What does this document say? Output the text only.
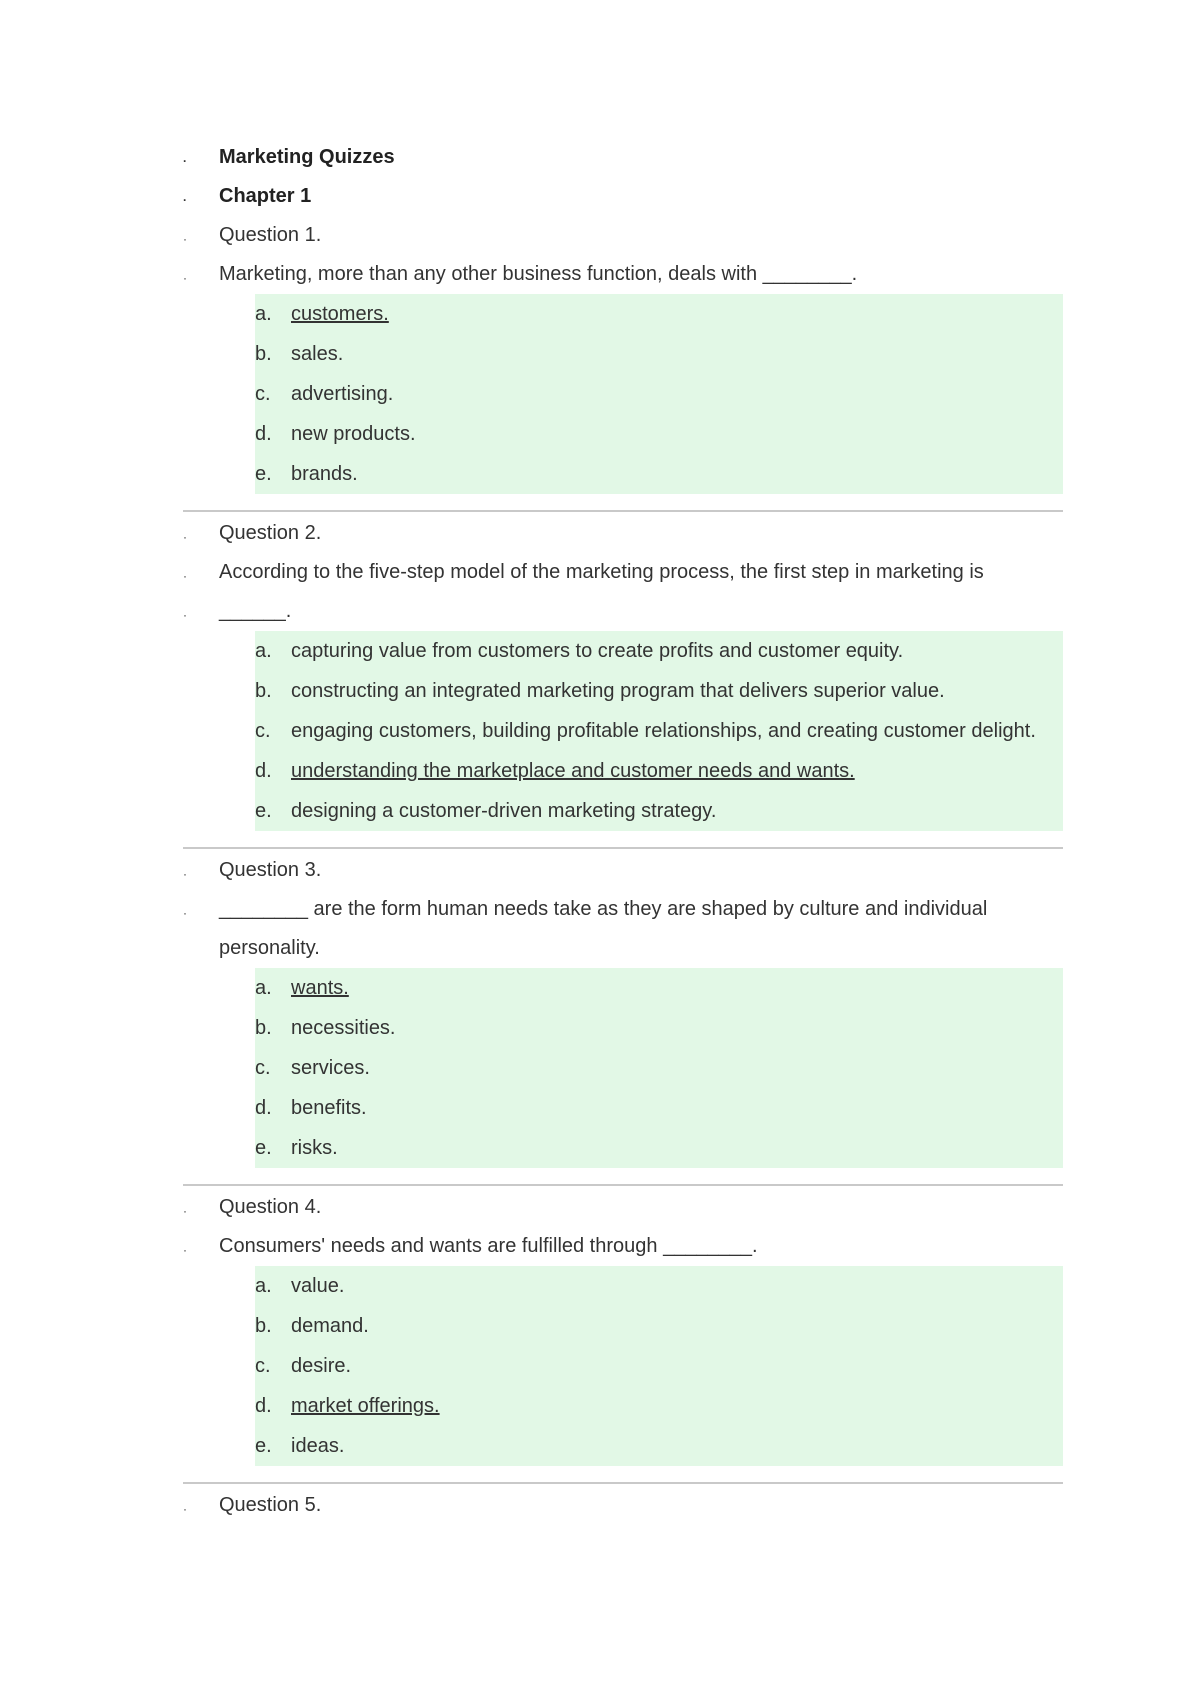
· Marketing Quizzes
· Chapter 1
· Question 1.
· Marketing, more than any other business function, deals with ________.
a. customers.
b. sales.
c. advertising.
d. new products.
e. brands.
· Question 2.
· According to the five-step model of the marketing process, the first step in marketing is
· ______.
a. capturing value from customers to create profits and customer equity.
b. constructing an integrated marketing program that delivers superior value.
c. engaging customers, building profitable relationships, and creating customer delight.
d. understanding the marketplace and customer needs and wants.
e. designing a customer-driven marketing strategy.
· Question 3.
· ________ are the form human needs take as they are shaped by culture and individual personality.
a. wants.
b. necessities.
c. services.
d. benefits.
e. risks.
· Question 4.
· Consumers' needs and wants are fulfilled through ________.
a. value.
b. demand.
c. desire.
d. market offerings.
e. ideas.
· Question 5.
